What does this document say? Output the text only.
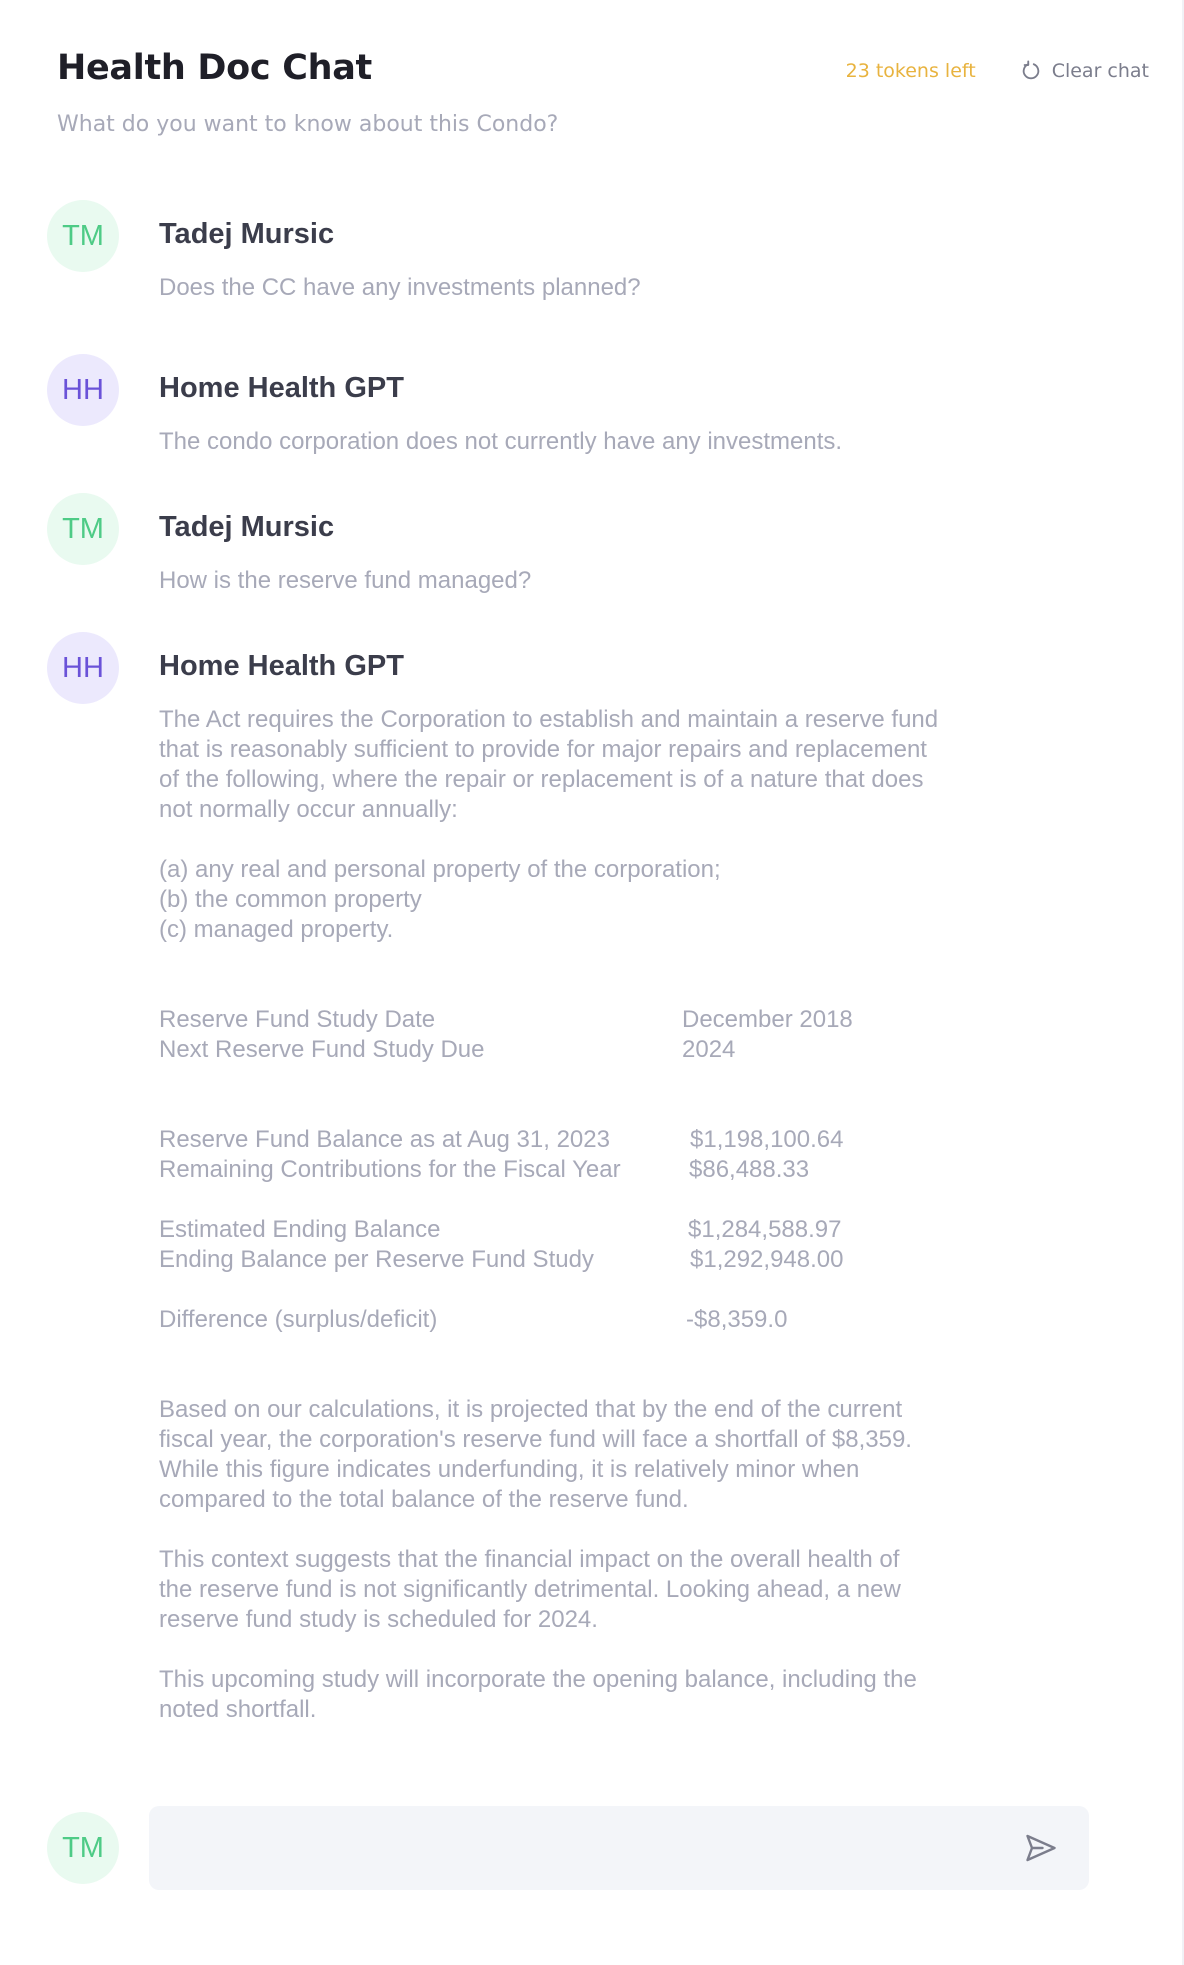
Health Doc Chat
What do you want to know about this Condo?
23 tokens left	Clear chat
TM	Tadej Mursic
Does the CC have any investments planned?
HH	Home Health GPT
The condo corporation does not currently have any investments.
TM	Tadej Mursic
How is the reserve fund managed?
HH	Home Health GPT

The Act requires the Corporation to establish and maintain a reserve fund
that is reasonably sufficient to provide for major repairs and replacement
of the following, where the repair or replacement is of a nature that does
not normally occur annually:

(a) any real and personal property of the corporation;
(b) the common property
(c) managed property.

Reserve Fund Study Date	December 2018
Next Reserve Fund Study Due	2024
Reserve Fund Balance as at Aug 31, 2023	$1,198,100.64
Remaining Contributions for the Fiscal Year	$86,488.33
Estimated Ending Balance	$1,284,588.97
Ending Balance per Reserve Fund Study	$1,292,948.00
Difference (surplus/deficit)	-$8,359.0

Based on our calculations, it is projected that by the end of the current
fiscal year, the corporation's reserve fund will face a shortfall of $8,359.
While this figure indicates underfunding, it is relatively minor when
compared to the total balance of the reserve fund.

This context suggests that the financial impact on the overall health of
the reserve fund is not significantly detrimental. Looking ahead, a new
reserve fund study is scheduled for 2024.

This upcoming study will incorporate the opening balance, including the
noted shortfall.

TM
